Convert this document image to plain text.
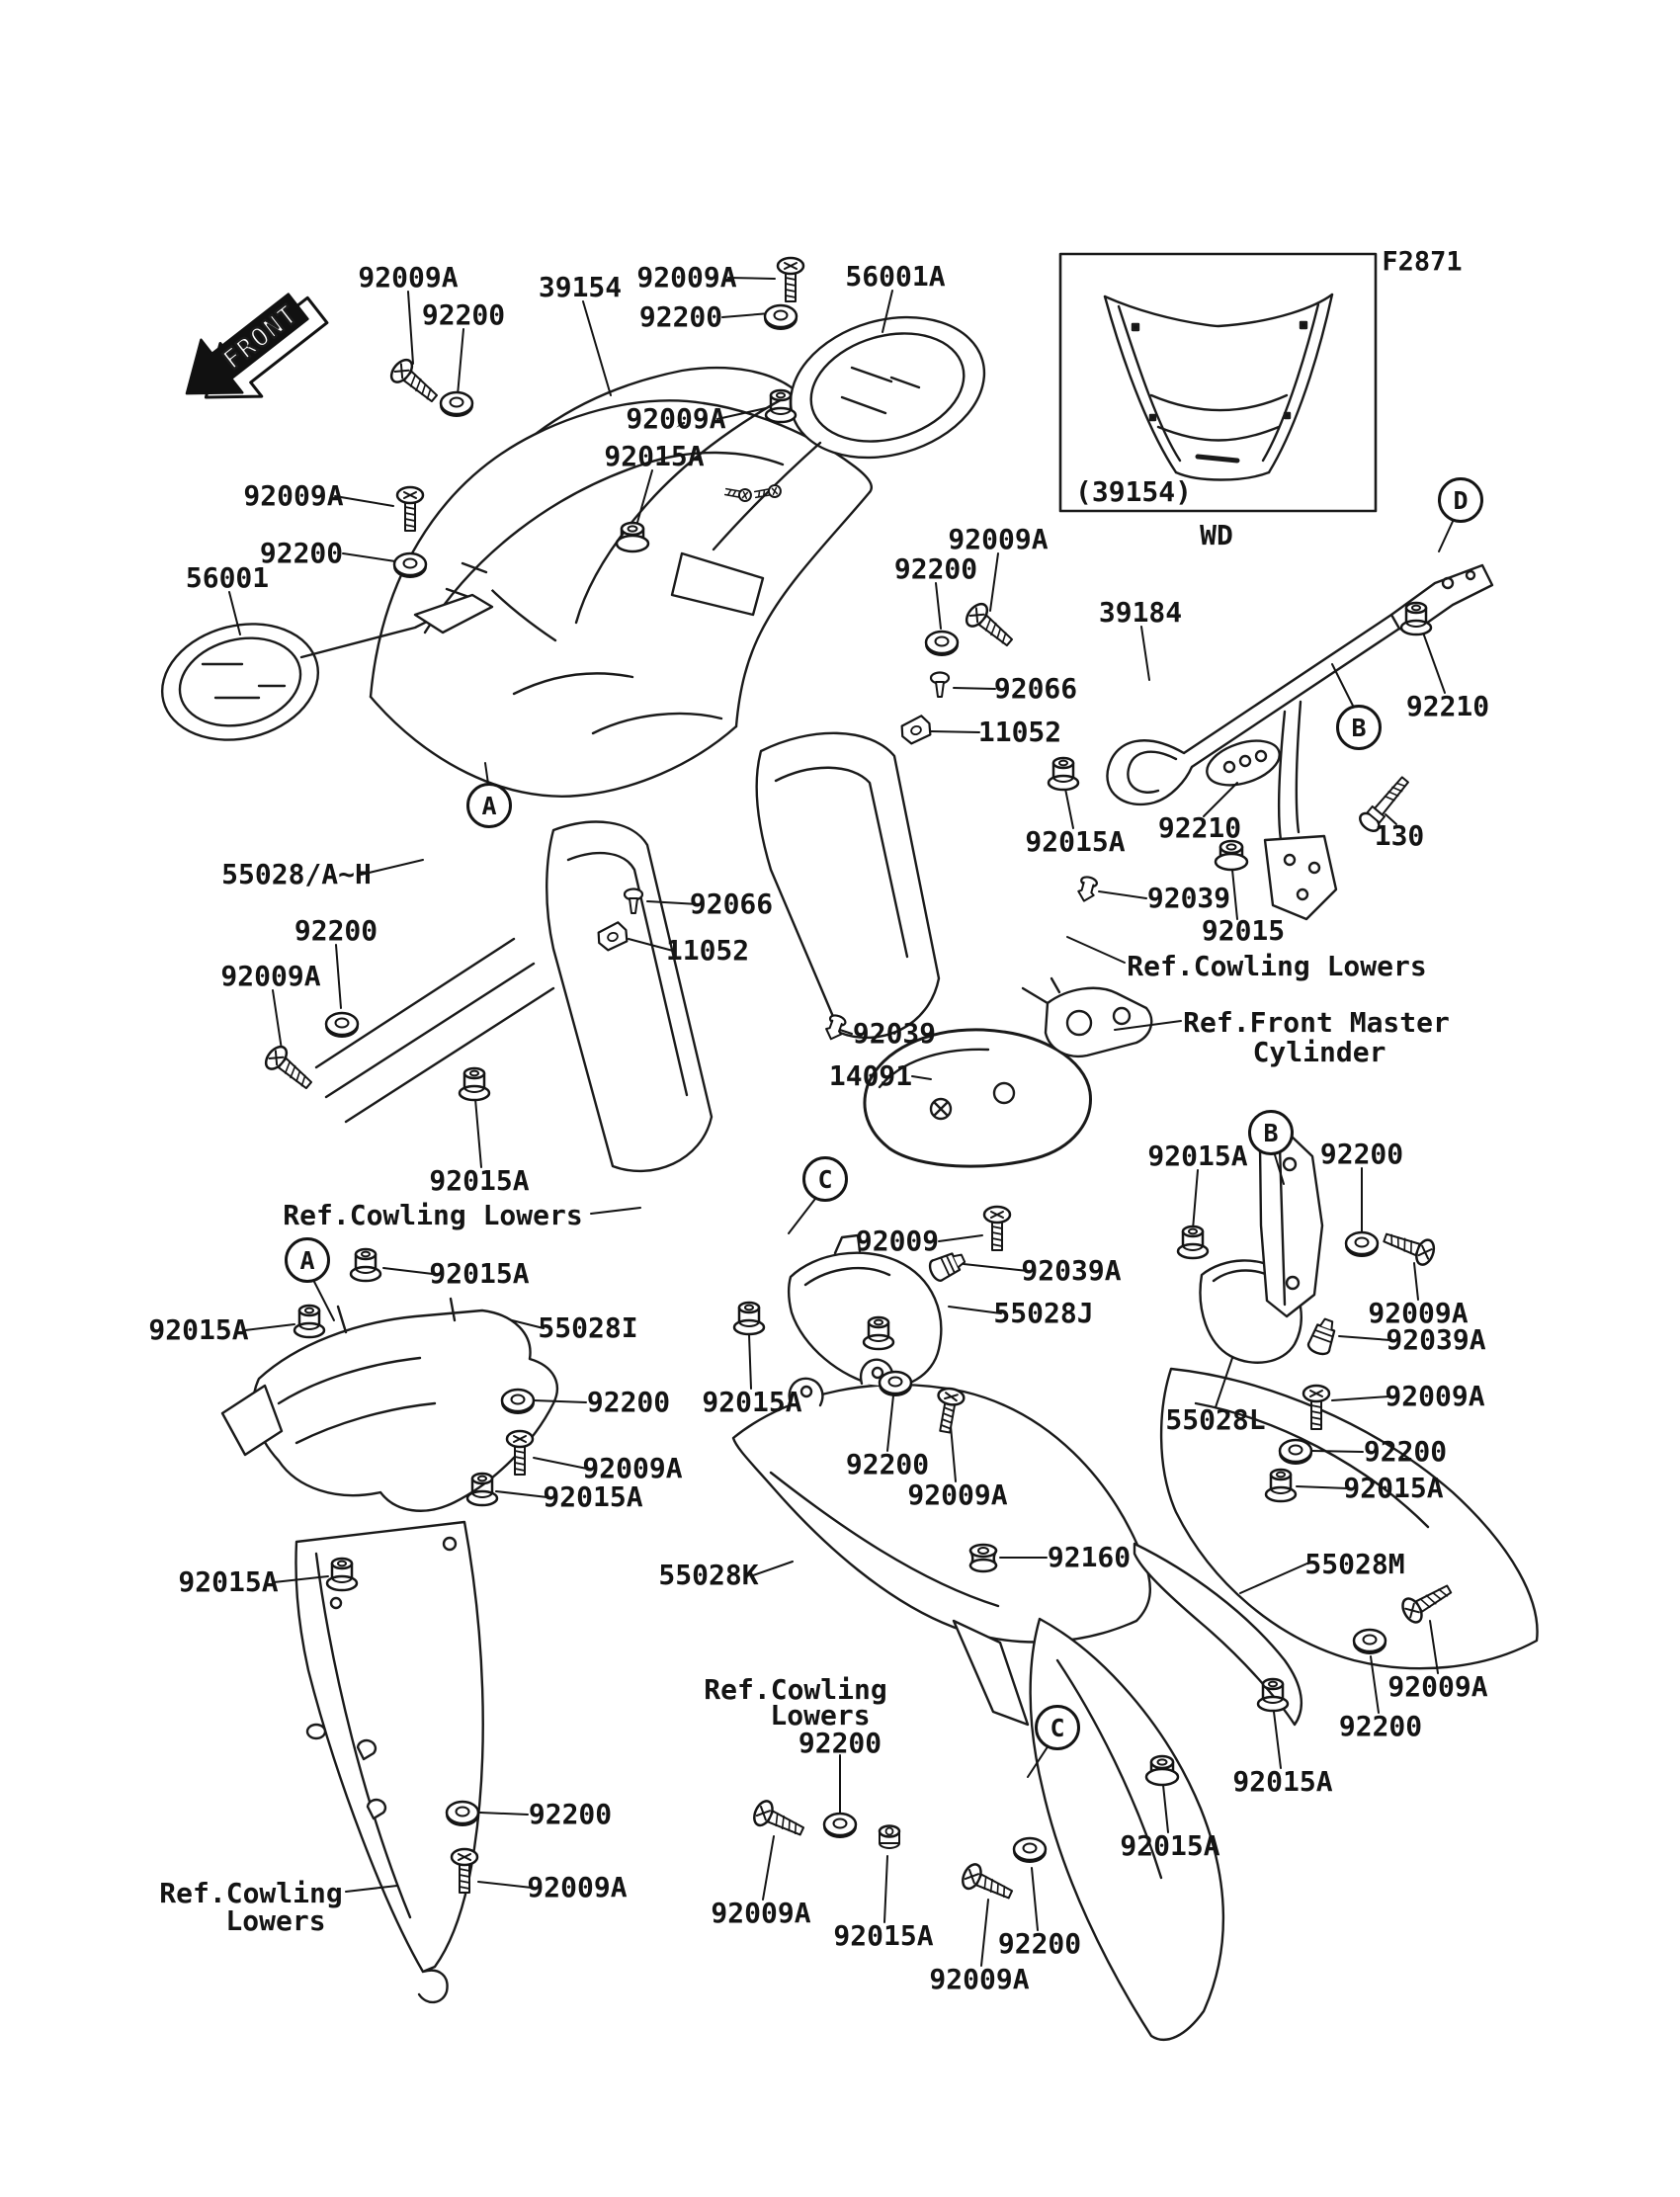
FRONT
F2871
(39154)
WD
92009A
92200
39154 92009A
92200
56001A
92009A
92015A
92009A
92200
56001
92009A
92200
39184
92210
92066
11052
92015A 92210	130
55028/A~H
92039
92015
Ref.Cowling Lowers
92066
11052
92200
92009A
92039
14091
Ref.Front Master
Cylinder
92015A
Ref.Cowling Lowers
92015A	92200
92009
92039A
55028J	92009A
92039A
92015A
92015A	55028I
92200
92009A
92015A
92015A
92200
92009A
55028L
92009A
92200
92015A
92015A	55028K
92160	55028M
Ref.Cowling
Lowers
92200
92009A
92200
92015A
92015A
92200
92009A
Ref.Cowling
Lowers	92009A
92015A 92200
92009A
D
B
A
C
B
A
C
